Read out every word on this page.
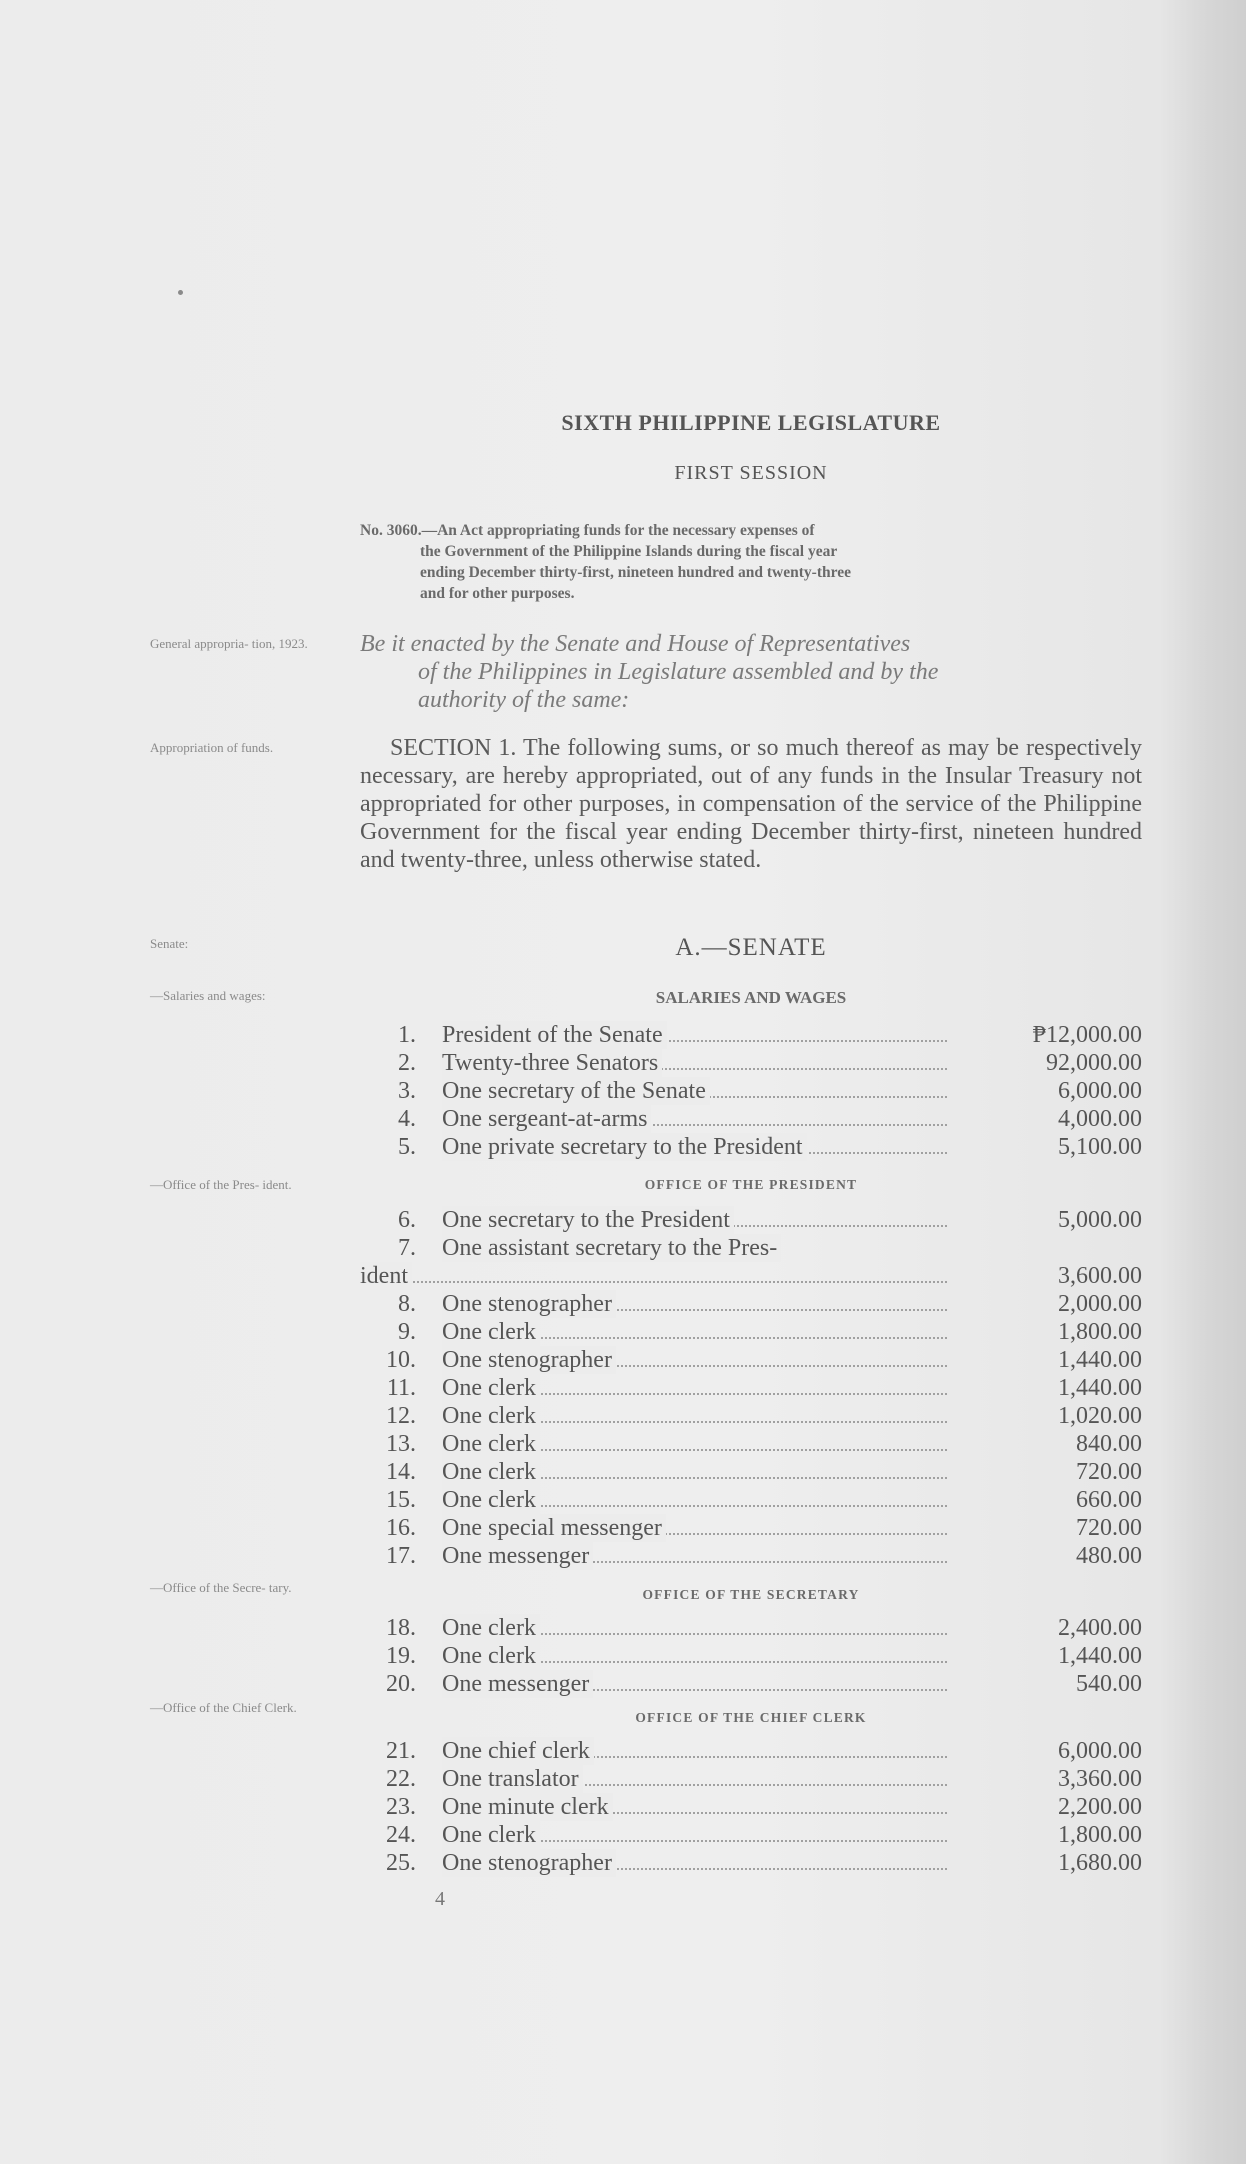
SIXTH PHILIPPINE LEGISLATURE
FIRST SESSION
No. 3060.—An Act appropriating funds for the necessary expenses of
the Government of the Philippine Islands during the fiscal year
ending December thirty-first, nineteen hundred and twenty-three
and for other purposes.
General appropria- tion, 1923.	Be it enacted by the Senate and House of Representatives
of the Philippines in Legislature assembled and by the
authority of the same:
Appropriation of funds.	SECTION 1. The following sums, or so much thereof as may be respectively necessary, are hereby appropriated, out of any funds in the Insular Treasury not appropriated for other purposes, in compensation of the service of the Philippine Government for the fiscal year ending December thirty-first, nineteen hundred and twenty-three, unless otherwise stated.
Senate:	A.—SENATE
—Salaries and wages:	SALARIES AND WAGES
1. President of the Senate	₱12,000.00
2. Twenty-three Senators	92,000.00
3. One secretary of the Senate	6,000.00
4. One sergeant-at-arms	4,000.00
5. One private secretary to the President	5,100.00
—Office of the Pres- ident.	OFFICE OF THE PRESIDENT
6. One secretary to the President	5,000.00
7. One assistant secretary to the Pres-
ident	3,600.00
8. One stenographer	2,000.00
9. One clerk	1,800.00
10. One stenographer	1,440.00
11. One clerk	1,440.00
12. One clerk	1,020.00
13. One clerk	840.00
14. One clerk	720.00
15. One clerk	660.00
16. One special messenger	720.00
17. One messenger	480.00
—Office of the Secre- tary.	OFFICE OF THE SECRETARY
18. One clerk	2,400.00
19. One clerk	1,440.00
20. One messenger	540.00
—Office of the Chief Clerk.
OFFICE OF THE CHIEF CLERK
21. One chief clerk	6,000.00
22. One translator	3,360.00
23. One minute clerk	2,200.00
24. One clerk	1,800.00
25. One stenographer	1,680.00
4
